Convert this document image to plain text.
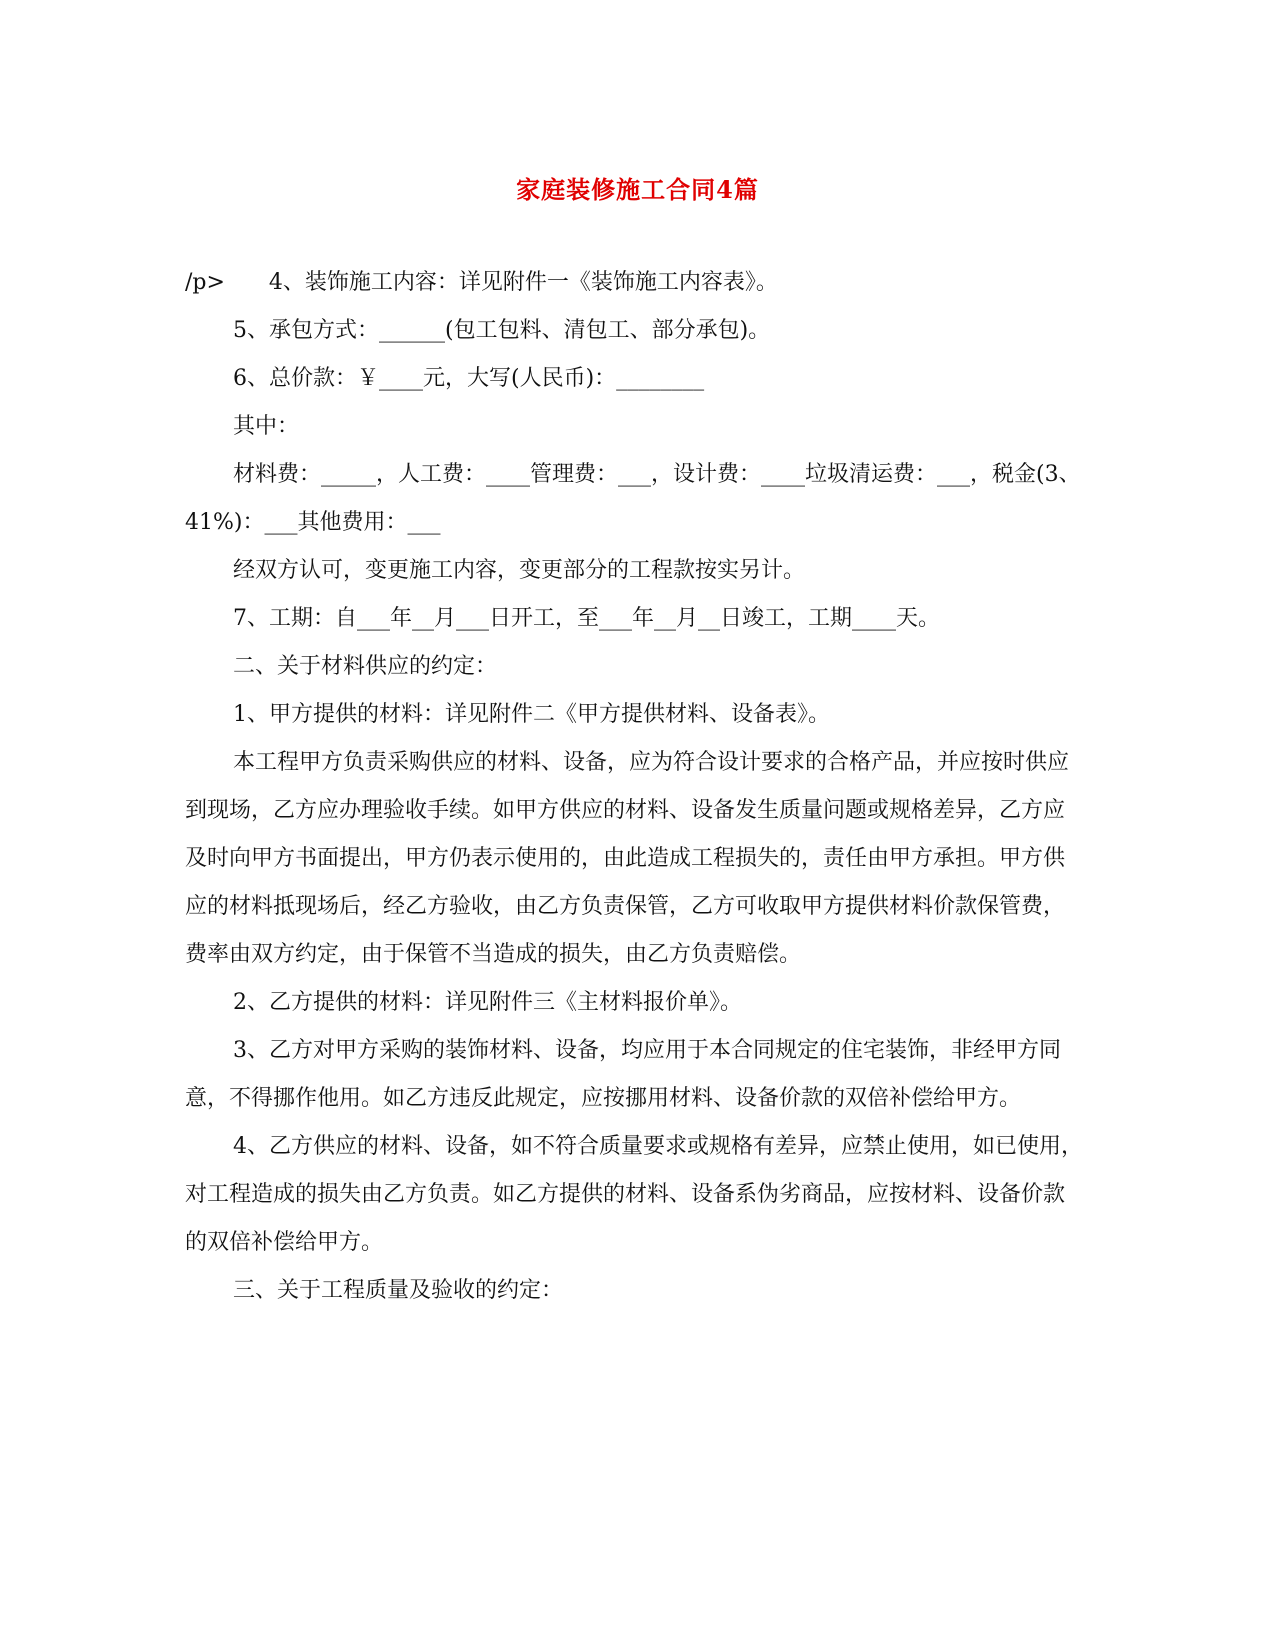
家庭装修施工合同4篇

/p>　　4、装饰施工内容：详见附件一《装饰施工内容表》。

5、承包方式：______(包工包料、清包工、部分承包)。

6、总价款：￥____元，大写(人民币)：________

其中：

材料费：_____，人工费：____管理费：___，设计费：____垃圾清运费：___，税金(3、41%)：___其他费用：___

经双方认可，变更施工内容，变更部分的工程款按实另计。

7、工期：自___年__月___日开工，至___年__月__日竣工，工期____天。

二、关于材料供应的约定：

1、甲方提供的材料：详见附件二《甲方提供材料、设备表》。

本工程甲方负责采购供应的材料、设备，应为符合设计要求的合格产品，并应按时供应到现场，乙方应办理验收手续。如甲方供应的材料、设备发生质量问题或规格差异，乙方应及时向甲方书面提出，甲方仍表示使用的，由此造成工程损失的，责任由甲方承担。甲方供应的材料抵现场后，经乙方验收，由乙方负责保管，乙方可收取甲方提供材料价款保管费，费率由双方约定，由于保管不当造成的损失，由乙方负责赔偿。

2、乙方提供的材料：详见附件三《主材料报价单》。

3、乙方对甲方采购的装饰材料、设备，均应用于本合同规定的住宅装饰，非经甲方同意，不得挪作他用。如乙方违反此规定，应按挪用材料、设备价款的双倍补偿给甲方。

4、乙方供应的材料、设备，如不符合质量要求或规格有差异，应禁止使用，如已使用，对工程造成的损失由乙方负责。如乙方提供的材料、设备系伪劣商品，应按材料、设备价款的双倍补偿给甲方。

三、关于工程质量及验收的约定：
